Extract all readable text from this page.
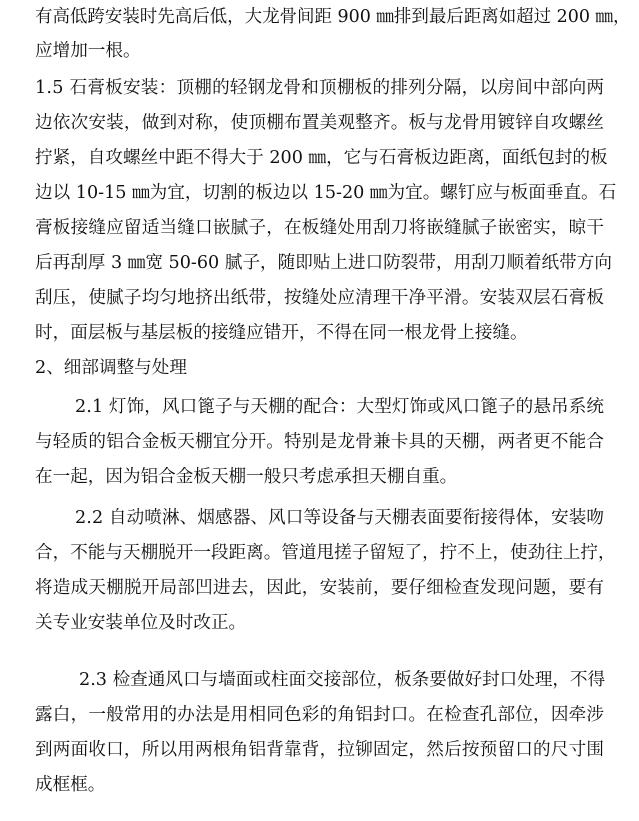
有高低跨安装时先高后低，大龙骨间距 900 ㎜排到最后距离如超过 200 ㎜，
应增加一根。
1.5 石膏板安装：顶棚的轻钢龙骨和顶棚板的排列分隔，以房间中部向两
边依次安装，做到对称，使顶棚布置美观整齐。板与龙骨用镀锌自攻螺丝
拧紧，自攻螺丝中距不得大于 200 ㎜，它与石膏板边距离，面纸包封的板
边以 10-15 ㎜为宜，切割的板边以 15-20 ㎜为宜。螺钉应与板面垂直。石
膏板接缝应留适当缝口嵌腻子，在板缝处用刮刀将嵌缝腻子嵌密实，晾干
后再刮厚 3 ㎜宽 50-60 腻子，随即贴上进口防裂带，用刮刀顺着纸带方向
刮压，使腻子均匀地挤出纸带，按缝处应清理干净平滑。安装双层石膏板
时，面层板与基层板的接缝应错开，不得在同一根龙骨上接缝。
2、细部调整与处理
2.1 灯饰，风口篦子与天棚的配合：大型灯饰或风口篦子的悬吊系统
与轻质的铝合金板天棚宜分开。特别是龙骨兼卡具的天棚，两者更不能合
在一起，因为铝合金板天棚一般只考虑承担天棚自重。
2.2 自动喷淋、烟感器、风口等设备与天棚表面要衔接得体，安装吻
合，不能与天棚脱开一段距离。管道甩搓子留短了，拧不上，使劲往上拧，
将造成天棚脱开局部凹进去，因此，安装前，要仔细检查发现问题，要有
关专业安装单位及时改正。
2.3 检查通风口与墙面或柱面交接部位，板条要做好封口处理，不得
露白，一般常用的办法是用相同色彩的角铝封口。在检查孔部位，因牵涉
到两面收口，所以用两根角铝背靠背，拉铆固定，然后按预留口的尺寸围
成框框。
